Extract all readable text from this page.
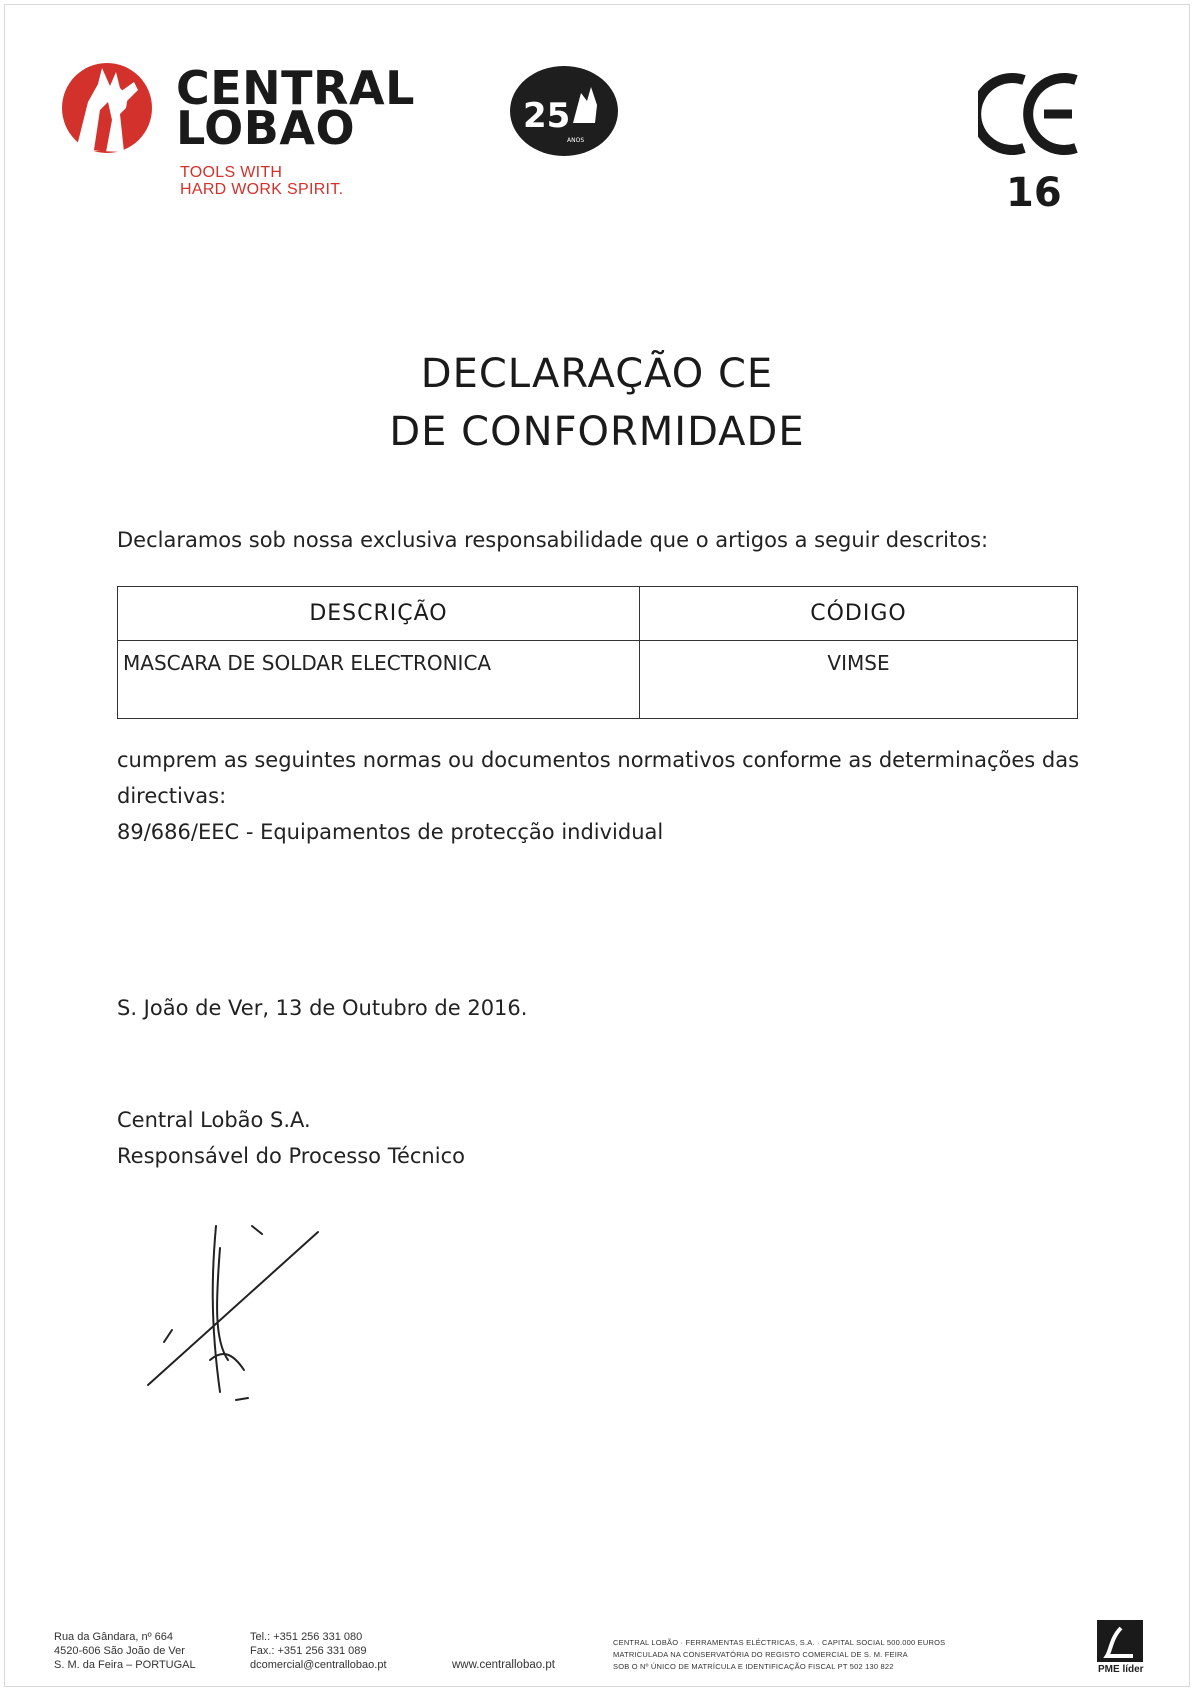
CENTRAL
LOBAO	25
ANOS
TOOLS WITH
HARD WORK SPIRIT.	16
DECLARAÇÃO CE
DE CONFORMIDADE
Declaramos sob nossa exclusiva responsabilidade que o artigos a seguir descritos:
DESCRIÇÃO	CÓDIGO
MASCARA DE SOLDAR ELECTRONICA	VIMSE

cumprem as seguintes normas ou documentos normativos conforme as determinações das directivas:

89/686/EEC - Equipamentos de protecção individual

S. João de Ver, 13 de Outubro de 2016.
Central Lobão S.A.
Responsável do Processo Técnico
Rua da Gândara, nº 664
4520-606 São João de Ver
S. M. da Feira – PORTUGAL
Tel.: +351 256 331 080
Fax.: +351 256 331 089
dcomercial@centrallobao.pt	www.centrallobao.pt
CENTRAL LOBÃO · FERRAMENTAS ELÉCTRICAS, S.A. · CAPITAL SOCIAL 500.000 EUROS
MATRICULADA NA CONSERVATÓRIA DO REGISTO COMERCIAL DE S. M. FEIRA
SOB O Nº ÚNICO DE MATRÍCULA E IDENTIFICAÇÃO FISCAL PT 502 130 822	PME líder
